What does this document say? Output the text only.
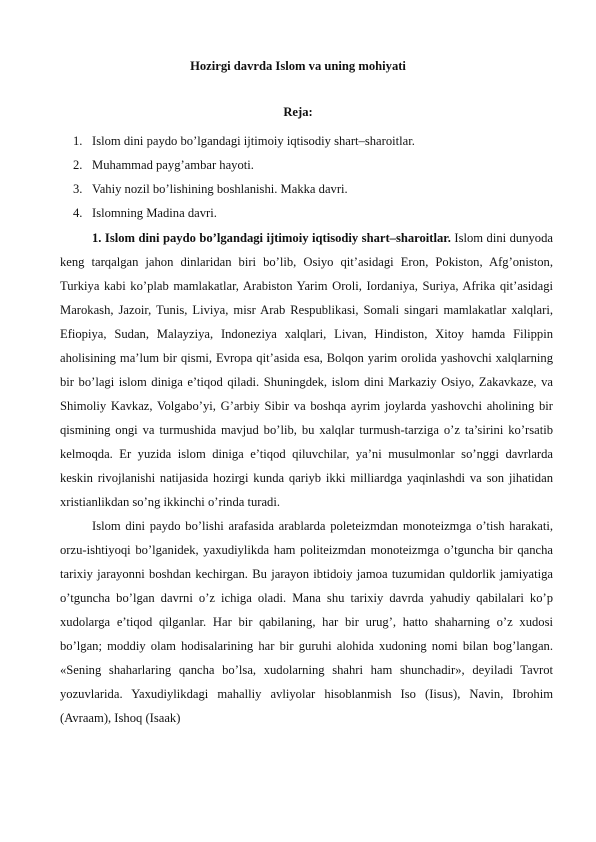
Hozirgi davrda Islom va uning mohiyati
Reja:
1. Islom dini paydo bo’lgandagi ijtimoiy iqtisodiy shart–sharoitlar.
2. Muhammad payg’ambar hayoti.
3. Vahiy nozil bo’lishining boshlanishi. Makka davri.
4. Islomning Madina davri.

1. Islom dini paydo bo’lgandagi ijtimoiy iqtisodiy shart–sharoitlar. Islom dini dunyoda keng tarqalgan jahon dinlaridan biri bo’lib, Osiyo qit’asidagi Eron, Pokiston, Afg’oniston, Turkiya kabi ko’plab mamlakatlar, Arabiston Yarim Oroli, Iordaniya, Suriya, Afrika qit’asidagi Marokash, Jazoir, Tunis, Liviya, misr Arab Respublikasi, Somali singari mamlakatlar xalqlari, Efiopiya, Sudan, Malayziya, Indoneziya xalqlari, Livan, Hindiston, Xitoy hamda Filippin aholisining ma’lum bir qismi, Evropa qit’asida esa, Bolqon yarim orolida yashovchi xalqlarning bir bo’lagi islom diniga e’tiqod qiladi. Shuningdek, islom dini Markaziy Osiyo, Zakavkaze, va Shimoliy Kavkaz, Volgabo’yi, G’arbiy Sibir va boshqa ayrim joylarda yashovchi aholining bir qismining ongi va turmushida mavjud bo’lib, bu xalqlar turmush-tarziga o’z ta’sirini ko’rsatib kelmoqda. Er yuzida islom diniga e’tiqod qiluvchilar, ya’ni musulmonlar so’nggi davrlarda keskin rivojlanishi natijasida hozirgi kunda qariyb ikki milliardga yaqinlashdi va son jihatidan xristianlikdan so’ng ikkinchi o’rinda turadi.

Islom dini paydo bo’lishi arafasida arablarda poleteizmdan monoteizmga o’tish harakati, orzu-ishtiyoqi bo’lganidek, yaxudiylikda ham politeizmdan monoteizmga o’tguncha bir qancha tarixiy jarayonni boshdan kechirgan. Bu jarayon ibtidoiy jamoa tuzumidan quldorlik jamiyatiga o’tguncha bo’lgan davrni o’z ichiga oladi. Mana shu tarixiy davrda yahudiy qabilalari ko’p xudolarga e’tiqod qilganlar. Har bir qabilaning, har bir urug’, hatto shaharning o’z xudosi bo’lgan; moddiy olam hodisalarining har bir guruhi alohida xudoning nomi bilan bog’langan. «Sening shaharlaring qancha bo’lsa, xudolarning shahri ham shunchadir», deyiladi Tavrot yozuvlarida. Yaxudiylikdagi mahalliy avliyolar hisoblanmish Iso (Iisus), Navin, Ibrohim (Avraam), Ishoq (Isaak)
